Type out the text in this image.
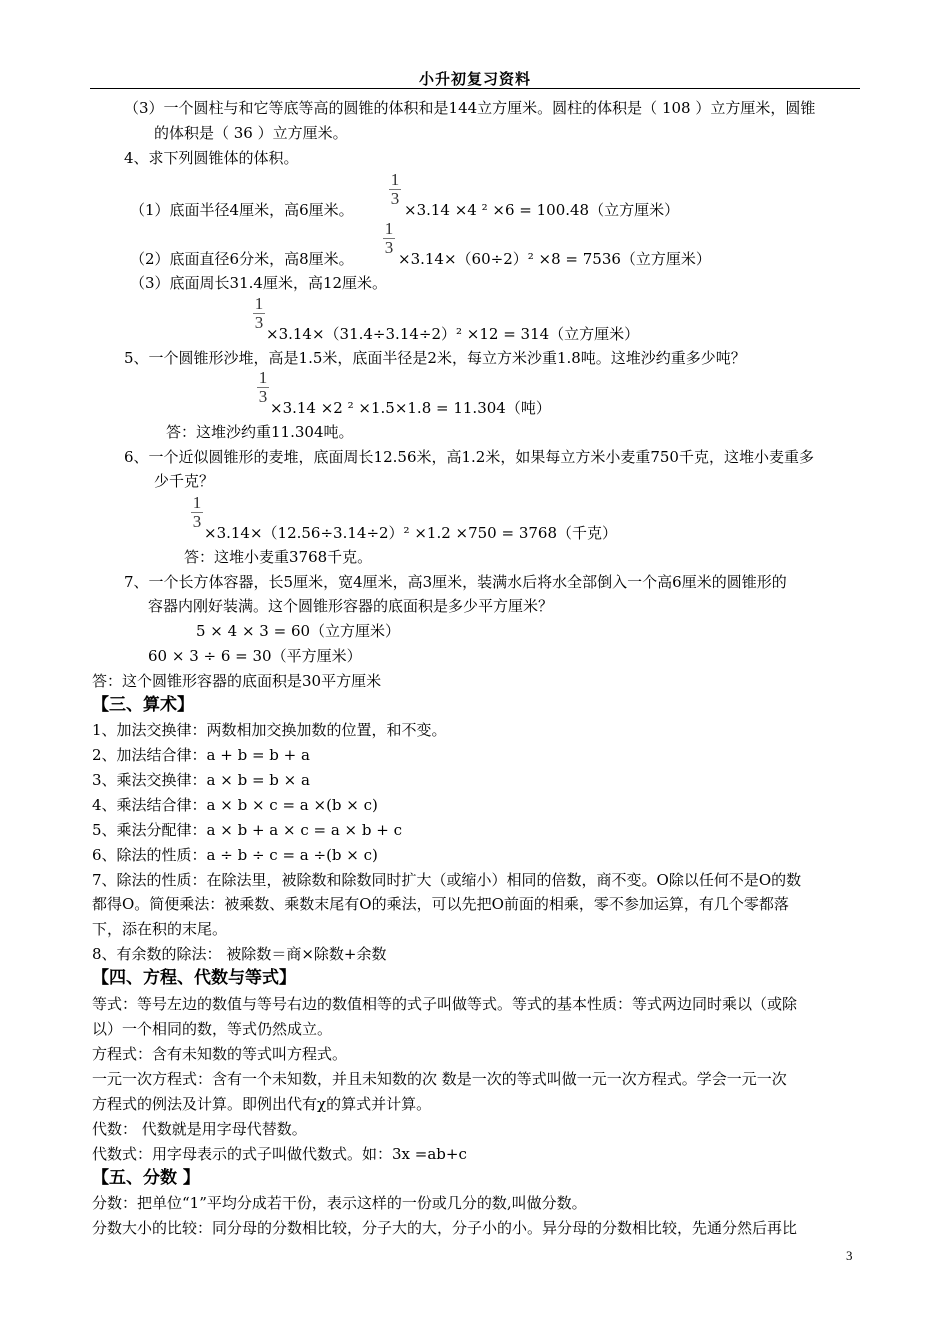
小升初复习资料
（3）一个圆柱与和它等底等高的圆锥的体积和是144立方厘米。圆柱的体积是（ 108 ）立方厘米，圆锥
的体积是（ 36 ）立方厘米。
4、求下列圆锥体的体积。
1
3
（1）底面半径4厘米，高6厘米。	×3.14 ×4 ² ×6 = 100.48（立方厘米）
1
3
（2）底面直径6分米，高8厘米。	×3.14×（60÷2）² ×8 = 7536（立方厘米）
（3）底面周长31.4厘米，高12厘米。
1
3
×3.14×（31.4÷3.14÷2）² ×12 = 314（立方厘米）
5、一个圆锥形沙堆，高是1.5米，底面半径是2米，每立方米沙重1.8吨。这堆沙约重多少吨？
1
3
×3.14 ×2 ² ×1.5×1.8 = 11.304（吨）
答：这堆沙约重11.304吨。
6、一个近似圆锥形的麦堆，底面周长12.56米，高1.2米，如果每立方米小麦重750千克，这堆小麦重多
少千克？
1
3
×3.14×（12.56÷3.14÷2）² ×1.2 ×750 = 3768（千克）
答：这堆小麦重3768千克。
7、一个长方体容器，长5厘米，宽4厘米，高3厘米，装满水后将水全部倒入一个高6厘米的圆锥形的
容器内刚好装满。这个圆锥形容器的底面积是多少平方厘米？
5 × 4 × 3 = 60（立方厘米）
60 × 3 ÷ 6 = 30（平方厘米）
答：这个圆锥形容器的底面积是30平方厘米
【三、算术】
1、加法交换律：两数相加交换加数的位置，和不变。
2、加法结合律：a + b = b + a
3、乘法交换律：a × b = b × a
4、乘法结合律：a × b × c = a ×(b × c)
5、乘法分配律：a × b + a × c = a × b + c
6、除法的性质：a ÷ b ÷ c = a ÷(b × c)
7、除法的性质：在除法里，被除数和除数同时扩大（或缩小）相同的倍数，商不变。O除以任何不是O的数
都得O。简便乘法：被乘数、乘数末尾有O的乘法，可以先把O前面的相乘，零不参加运算，有几个零都落
下，添在积的末尾。
8、有余数的除法： 被除数＝商×除数+余数
【四、方程、代数与等式】
等式：等号左边的数值与等号右边的数值相等的式子叫做等式。等式的基本性质：等式两边同时乘以（或除
以）一个相同的数，等式仍然成立。
方程式：含有未知数的等式叫方程式。
一元一次方程式：含有一个未知数，并且未知数的次 数是一次的等式叫做一元一次方程式。学会一元一次
方程式的例法及计算。即例出代有χ的算式并计算。
代数： 代数就是用字母代替数。
代数式：用字母表示的式子叫做代数式。如：3x =ab+c
【五、分数 】
分数：把单位“1”平均分成若干份，表示这样的一份或几分的数,叫做分数。
分数大小的比较：同分母的分数相比较，分子大的大，分子小的小。异分母的分数相比较，先通分然后再比
3
